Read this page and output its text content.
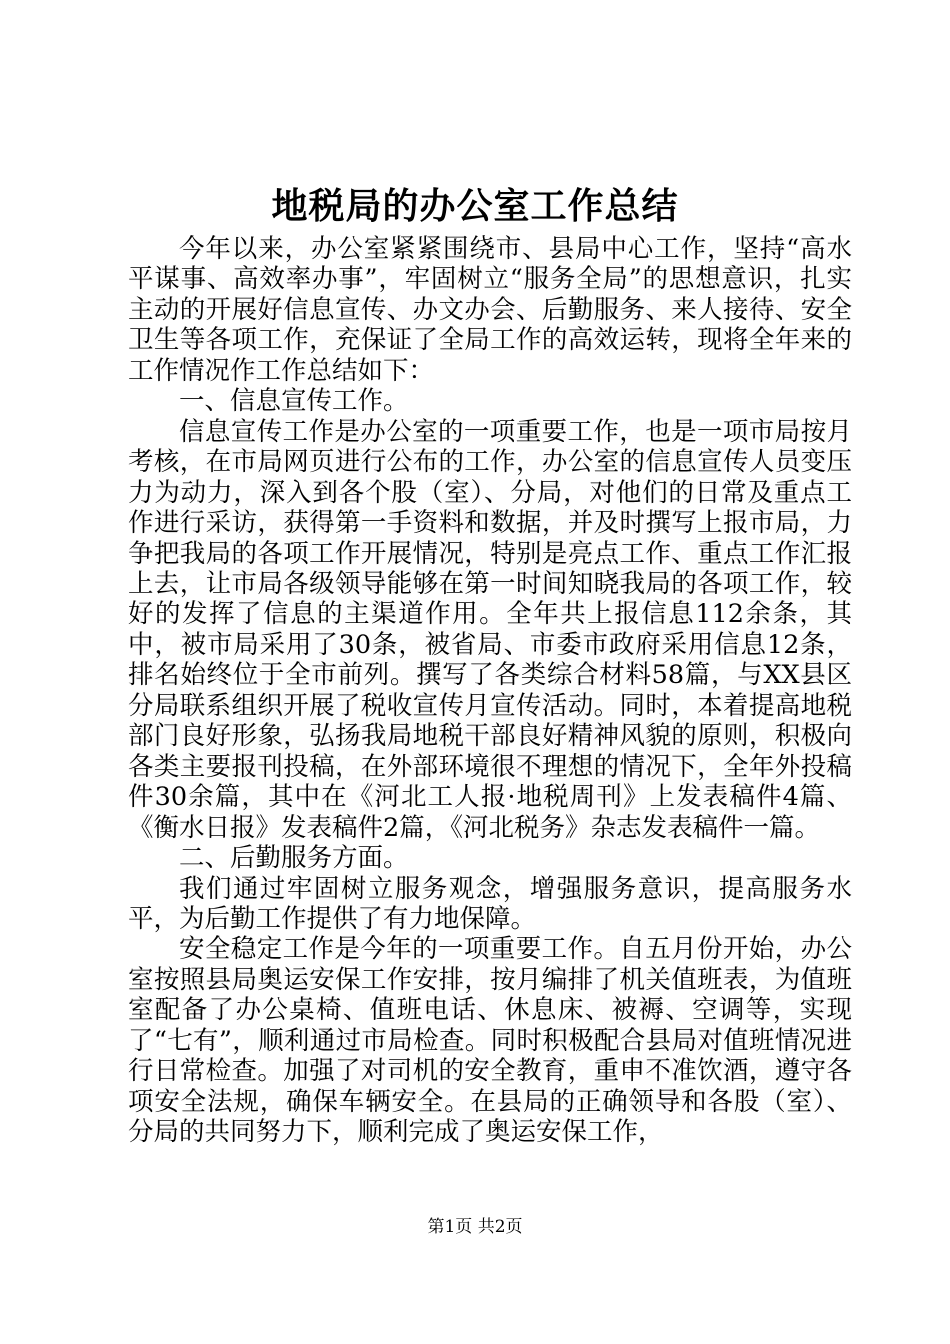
地税局的办公室工作总结

今年以来，办公室紧紧围绕市、县局中心工作，坚持“高水平谋事、高效率办事”，牢固树立“服务全局”的思想意识，扎实主动的开展好信息宣传、办文办会、后勤服务、来人接待、安全卫生等各项工作，充保证了全局工作的高效运转，现将全年来的工作情况作工作总结如下：

一、信息宣传工作。

信息宣传工作是办公室的一项重要工作，也是一项市局按月考核，在市局网页进行公布的工作，办公室的信息宣传人员变压力为动力，深入到各个股（室）、分局，对他们的日常及重点工作进行采访，获得第一手资料和数据，并及时撰写上报市局，力争把我局的各项工作开展情况，特别是亮点工作、重点工作汇报上去，让市局各级领导能够在第一时间知晓我局的各项工作，较好的发挥了信息的主渠道作用。全年共上报信息112余条，其中，被市局采用了30条，被省局、市委市政府采用信息12条，排名始终位于全市前列。撰写了各类综合材料58篇，与XX县区分局联系组织开展了税收宣传月宣传活动。同时，本着提高地税部门良好形象，弘扬我局地税干部良好精神风貌的原则，积极向各类主要报刊投稿，在外部环境很不理想的情况下，全年外投稿件30余篇，其中在《河北工人报·地税周刊》上发表稿件4篇、《衡水日报》发表稿件2篇，《河北税务》杂志发表稿件一篇。

二、后勤服务方面。

我们通过牢固树立服务观念，增强服务意识，提高服务水平，为后勤工作提供了有力地保障。

安全稳定工作是今年的一项重要工作。自五月份开始，办公室按照县局奥运安保工作安排，按月编排了机关值班表，为值班室配备了办公桌椅、值班电话、休息床、被褥、空调等，实现了“七有”，顺利通过市局检查。同时积极配合县局对值班情况进行日常检查。加强了对司机的安全教育，重申不准饮酒，遵守各项安全法规，确保车辆安全。在县局的正确领导和各股（室）、分局的共同努力下，顺利完成了奥运安保工作，

第1页 共2页
